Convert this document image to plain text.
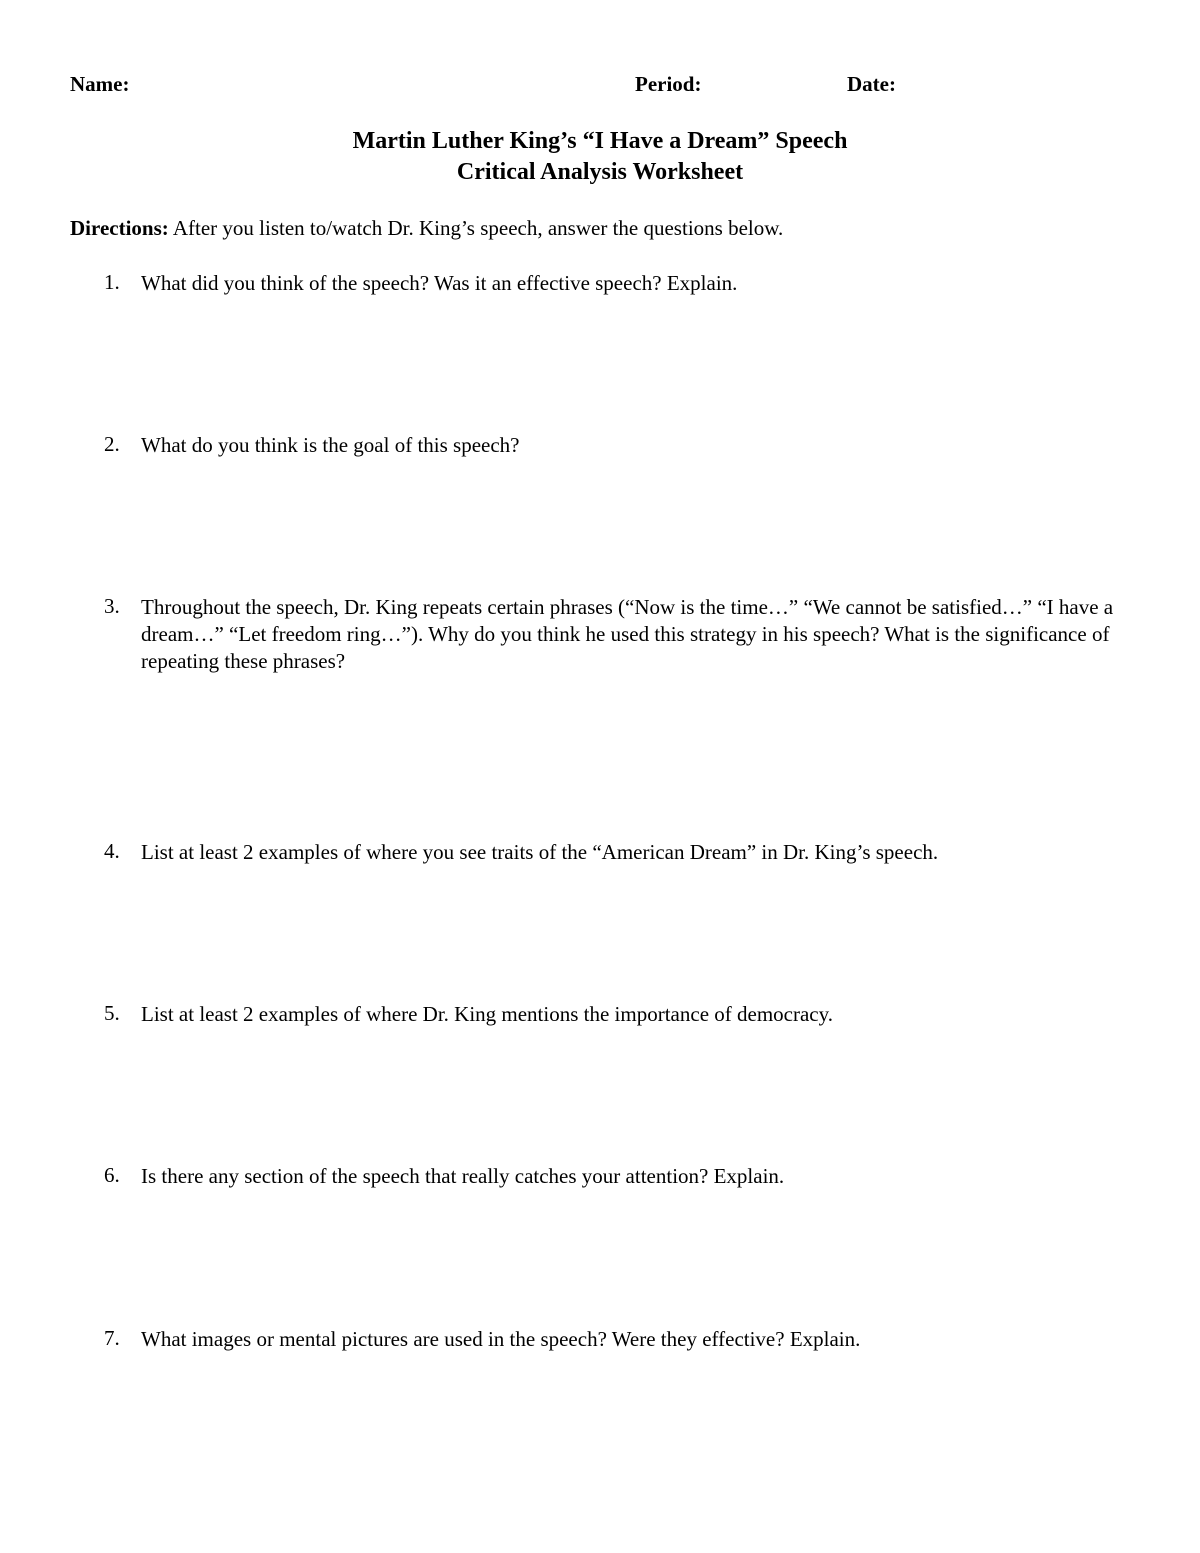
Name:	Period:	Date:
Martin Luther King’s “I Have a Dream” Speech
Critical Analysis Worksheet
Directions: After you listen to/watch Dr. King’s speech, answer the questions below.
1. What did you think of the speech? Was it an effective speech? Explain.
2. What do you think is the goal of this speech?
3. Throughout the speech, Dr. King repeats certain phrases (“Now is the time…” “We cannot be satisfied…” “I have a dream…” “Let freedom ring…”). Why do you think he used this strategy in his speech? What is the significance of repeating these phrases?
4. List at least 2 examples of where you see traits of the “American Dream” in Dr. King’s speech.
5. List at least 2 examples of where Dr. King mentions the importance of democracy.
6. Is there any section of the speech that really catches your attention? Explain.
7. What images or mental pictures are used in the speech? Were they effective? Explain.
